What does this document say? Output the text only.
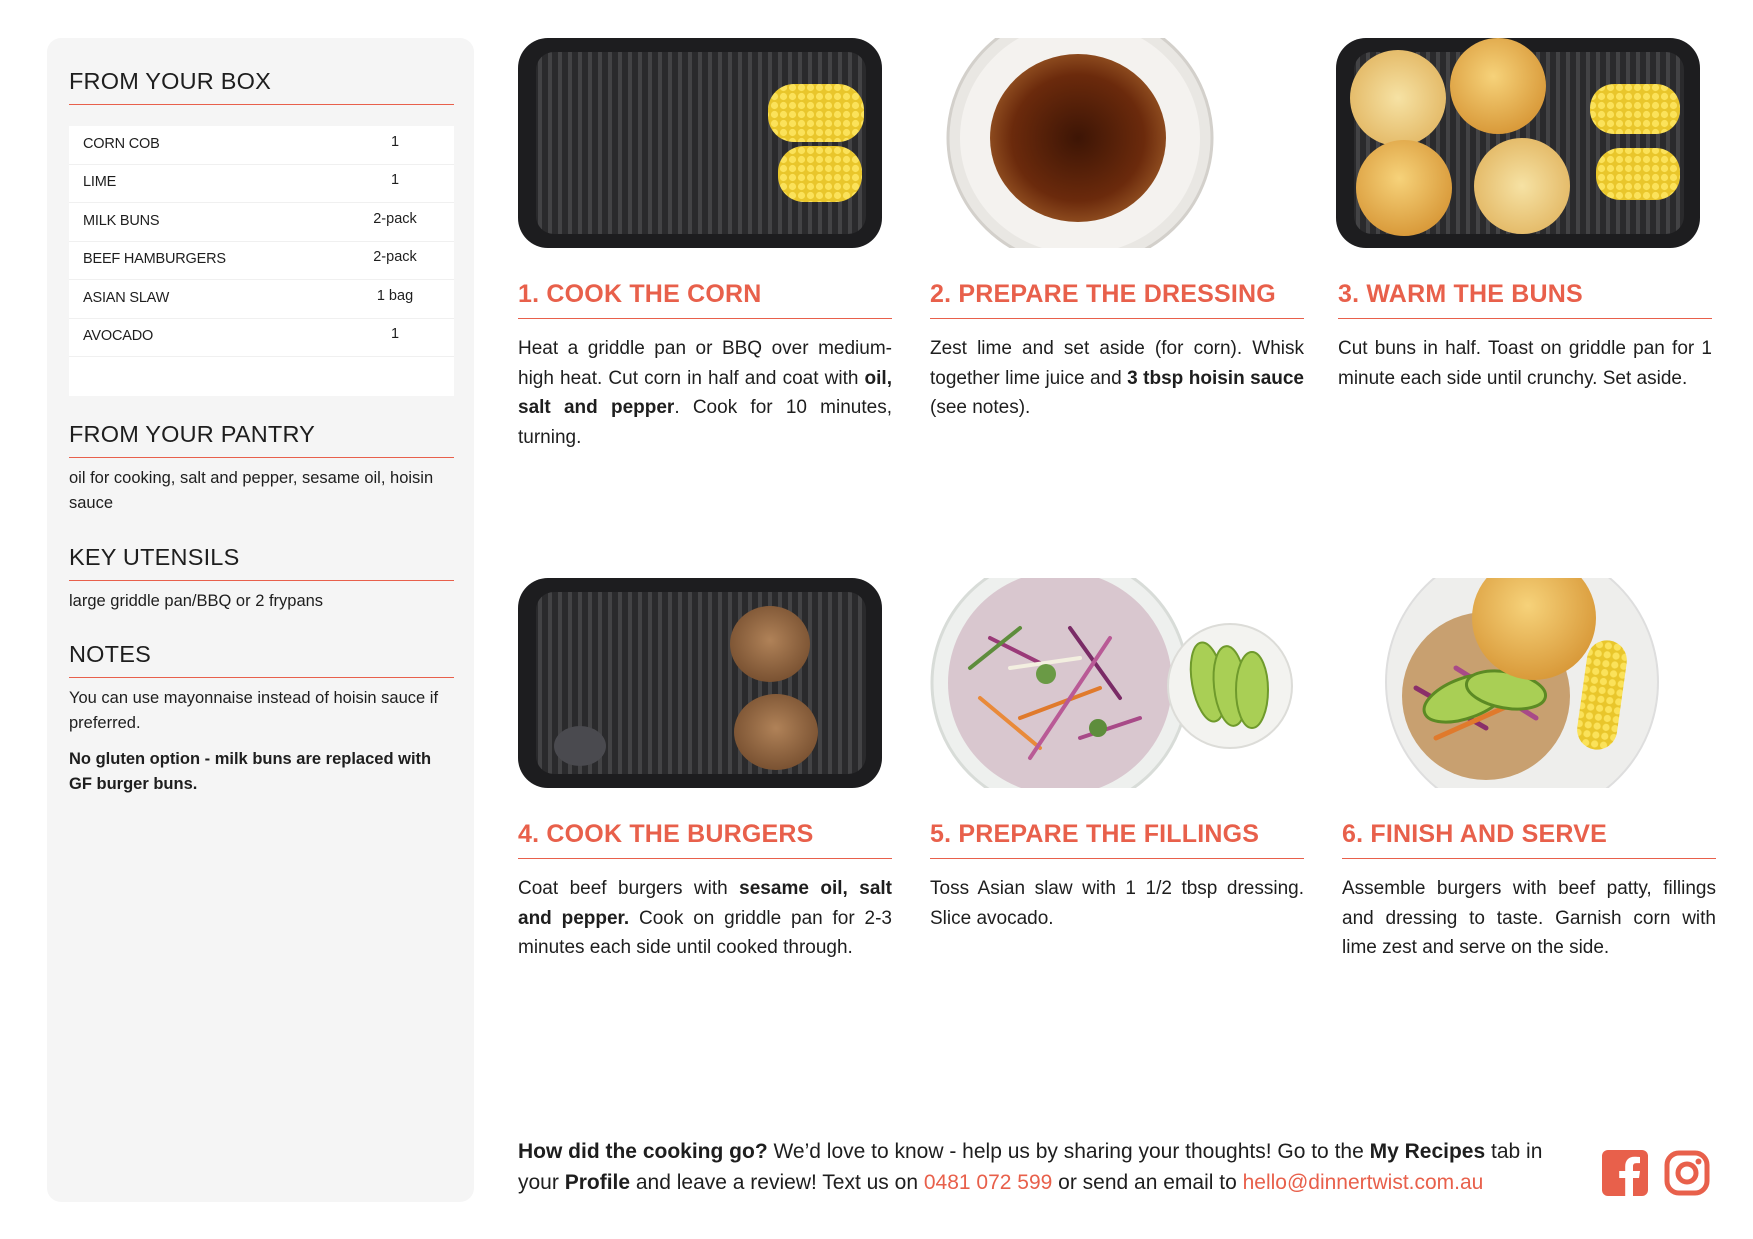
FROM YOUR BOX
CORN COB	1
LIME	1
MILK BUNS	2-pack
BEEF HAMBURGERS	2-pack
ASIAN SLAW	1 bag
AVOCADO	1
FROM YOUR PANTRY

oil for cooking, salt and pepper, sesame oil, hoisin sauce

KEY UTENSILS

large griddle pan/BBQ or 2 frypans

NOTES

You can use mayonnaise instead of hoisin sauce if preferred.

No gluten option - milk buns are replaced with GF burger buns.

1. COOK THE CORN

Heat a griddle pan or BBQ over medium-high heat. Cut corn in half and coat with oil, salt and pepper. Cook for 10 minutes, turning.

2. PREPARE THE DRESSING

Zest lime and set aside (for corn). Whisk together lime juice and 3 tbsp hoisin sauce (see notes).

3. WARM THE BUNS

Cut buns in half. Toast on griddle pan for 1 minute each side until crunchy. Set aside.

4. COOK THE BURGERS

Coat beef burgers with sesame oil, salt and pepper. Cook on griddle pan for 2-3 minutes each side until cooked through.

5. PREPARE THE FILLINGS

Toss Asian slaw with 1 1/2 tbsp dressing. Slice avocado.

6. FINISH AND SERVE

Assemble burgers with beef patty, fillings and dressing to taste. Garnish corn with lime zest and serve on the side.

How did the cooking go? We’d love to know - help us by sharing your thoughts! Go to the My Recipes tab in your Profile and leave a review! Text us on 0481 072 599 or send an email to hello@dinnertwist.com.au
